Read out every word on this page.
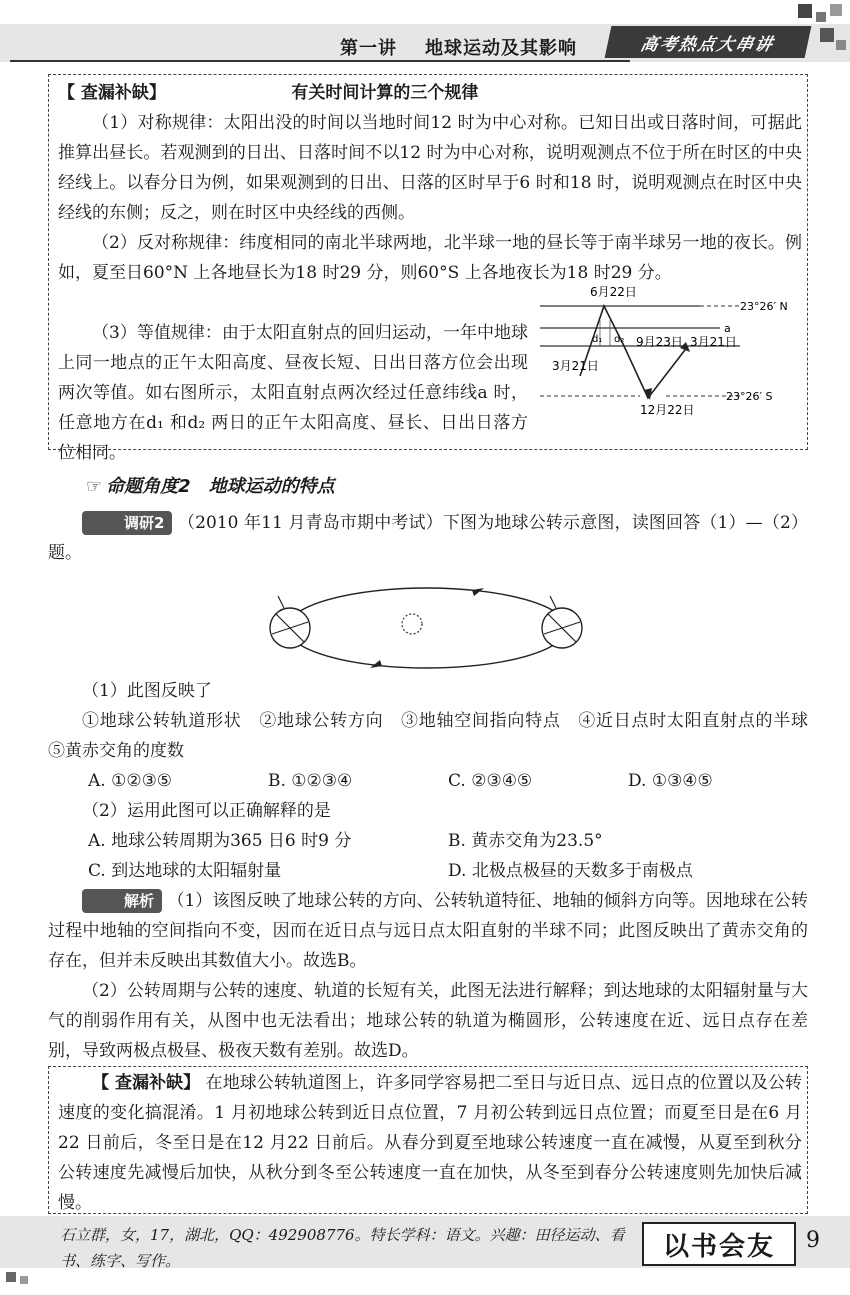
第一讲 地球运动及其影响	高考热点大串讲

【 查漏补缺】	有关时间计算的三个规律

（1）对称规律：太阳出没的时间以当地时间12 时为中心对称。已知日出或日落时间，可据此推算出昼长。若观测到的日出、日落时间不以12 时为中心对称，说明观测点不位于所在时区的中央经线上。以春分日为例，如果观测到的日出、日落的区时早于6 时和18 时，说明观测点在时区中央经线的东侧；反之，则在时区中央经线的西侧。

（2）反对称规律：纬度相同的南北半球两地，北半球一地的昼长等于南半球另一地的夜长。例如，夏至日60°N 上各地昼长为18 时29 分，则60°S 上各地夜长为18 时29 分。

（3）等值规律：由于太阳直射点的回归运动，一年中地球上同一地点的正午太阳高度、昼夜长短、日出日落方位会出现两次等值。如右图所示，太阳直射点两次经过任意纬线a 时，任意地方在d₁ 和d₂ 两日的正午太阳高度、昼长、日出日落方位相同。

6月22日
23°26′ N
a
d₁ d₂ 9月23日 3月21日
3月21日
12月22日
23°26′ S
☞ 命题角度2　地球运动的特点

调研2 （2010 年11 月青岛市期中考试）下图为地球公转示意图，读图回答（1）—（2）题。

（1）此图反映了

①地球公转轨道形状　②地球公转方向　③地轴空间指向特点　④近日点时太阳直射点的半球　⑤黄赤交角的度数

A. ①②③⑤	B. ①②③④	C. ②③④⑤	D. ①③④⑤

（2）运用此图可以正确解释的是

A. 地球公转周期为365 日6 时9 分	B. 黄赤交角为23.5°
C. 到达地球的太阳辐射量	D. 北极点极昼的天数多于南极点

解析 （1）该图反映了地球公转的方向、公转轨道特征、地轴的倾斜方向等。因地球在公转过程中地轴的空间指向不变，因而在近日点与远日点太阳直射的半球不同；此图反映出了黄赤交角的存在，但并未反映出其数值大小。故选B。

（2）公转周期与公转的速度、轨道的长短有关，此图无法进行解释；到达地球的太阳辐射量与大气的削弱作用有关，从图中也无法看出；地球公转的轨道为椭圆形，公转速度在近、远日点存在差别，导致两极点极昼、极夜天数有差别。故选D。

【 查漏补缺】 在地球公转轨道图上，许多同学容易把二至日与近日点、远日点的位置以及公转速度的变化搞混淆。1 月初地球公转到近日点位置，7 月初公转到远日点位置；而夏至日是在6 月22 日前后，冬至日是在12 月22 日前后。从春分到夏至地球公转速度一直在减慢，从夏至到秋分公转速度先减慢后加快，从秋分到冬至公转速度一直在加快，从冬至到春分公转速度则先加快后减慢。

石立群，女，17，湖北，QQ：492908776。特长学科：语文。兴趣：田径运动、看书、练字、写作。	以书会友	9
